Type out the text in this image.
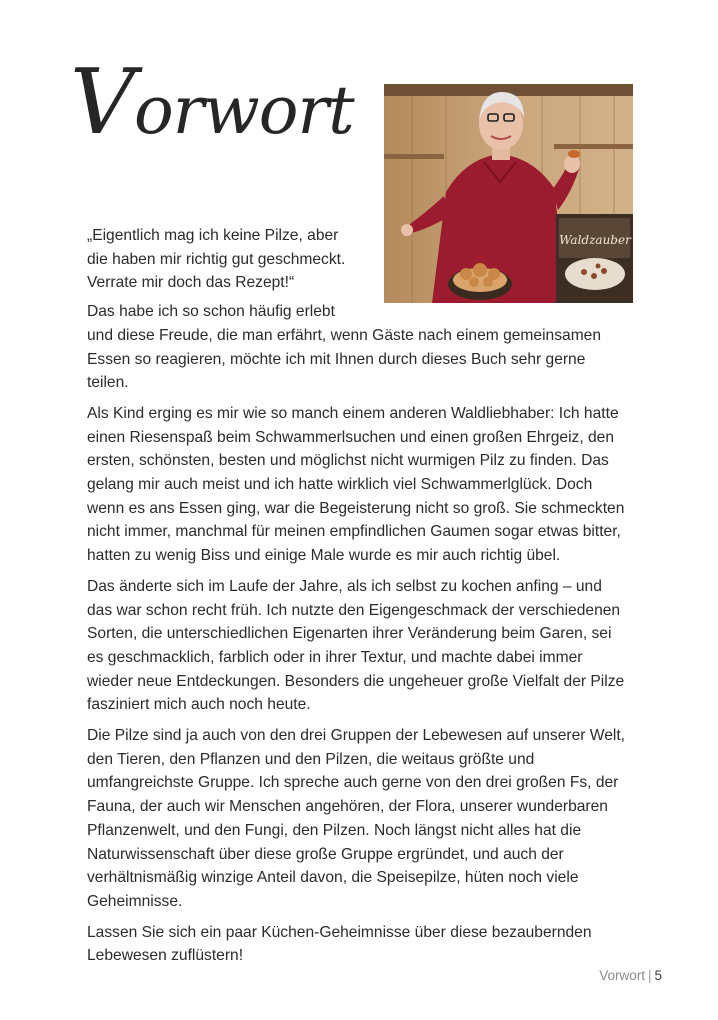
Vorwort
Waldzauber

„Eigentlich mag ich keine Pilze, aber
die haben mir richtig gut geschmeckt.
Verrate mir doch das Rezept!“

Das habe ich so schon häufig erlebt und diese Freude, die man erfährt, wenn Gäste nach einem gemeinsamen Essen so reagieren, möchte ich mit Ihnen durch dieses Buch sehr gerne teilen.

Als Kind erging es mir wie so manch einem anderen Waldliebhaber: Ich hatte einen Riesenspaß beim Schwammerlsuchen und einen großen Ehrgeiz, den ersten, schönsten, besten und möglichst nicht wurmigen Pilz zu finden. Das gelang mir auch meist und ich hatte wirklich viel Schwammerlglück. Doch wenn es ans Essen ging, war die Begeisterung nicht so groß. Sie schmeckten nicht immer, manchmal für meinen empfindlichen Gaumen sogar etwas bitter, hatten zu wenig Biss und einige Male wurde es mir auch richtig übel.

Das änderte sich im Laufe der Jahre, als ich selbst zu kochen anfing – und das war schon recht früh. Ich nutzte den Eigengeschmack der verschiedenen Sorten, die unterschiedlichen Eigenarten ihrer Veränderung beim Garen, sei es geschmacklich, farblich oder in ihrer Textur, und machte dabei immer wieder neue Entdeckungen. Besonders die ungeheuer große Vielfalt der Pilze fasziniert mich auch noch heute.

Die Pilze sind ja auch von den drei Gruppen der Lebewesen auf unserer Welt, den Tieren, den Pflanzen und den Pilzen, die weitaus größte und umfangreichste Gruppe. Ich spreche auch gerne von den drei großen Fs, der Fauna, der auch wir Menschen angehören, der Flora, unserer wunderbaren Pflanzenwelt, und den Fungi, den Pilzen. Noch längst nicht alles hat die Naturwissenschaft über diese große Gruppe ergründet, und auch der verhältnismäßig winzige Anteil davon, die Speisepilze, hüten noch viele Geheimnisse.

Lassen Sie sich ein paar Küchen-Geheimnisse über diese bezaubernden Lebewesen zuflüstern!

Vorwort | 5
